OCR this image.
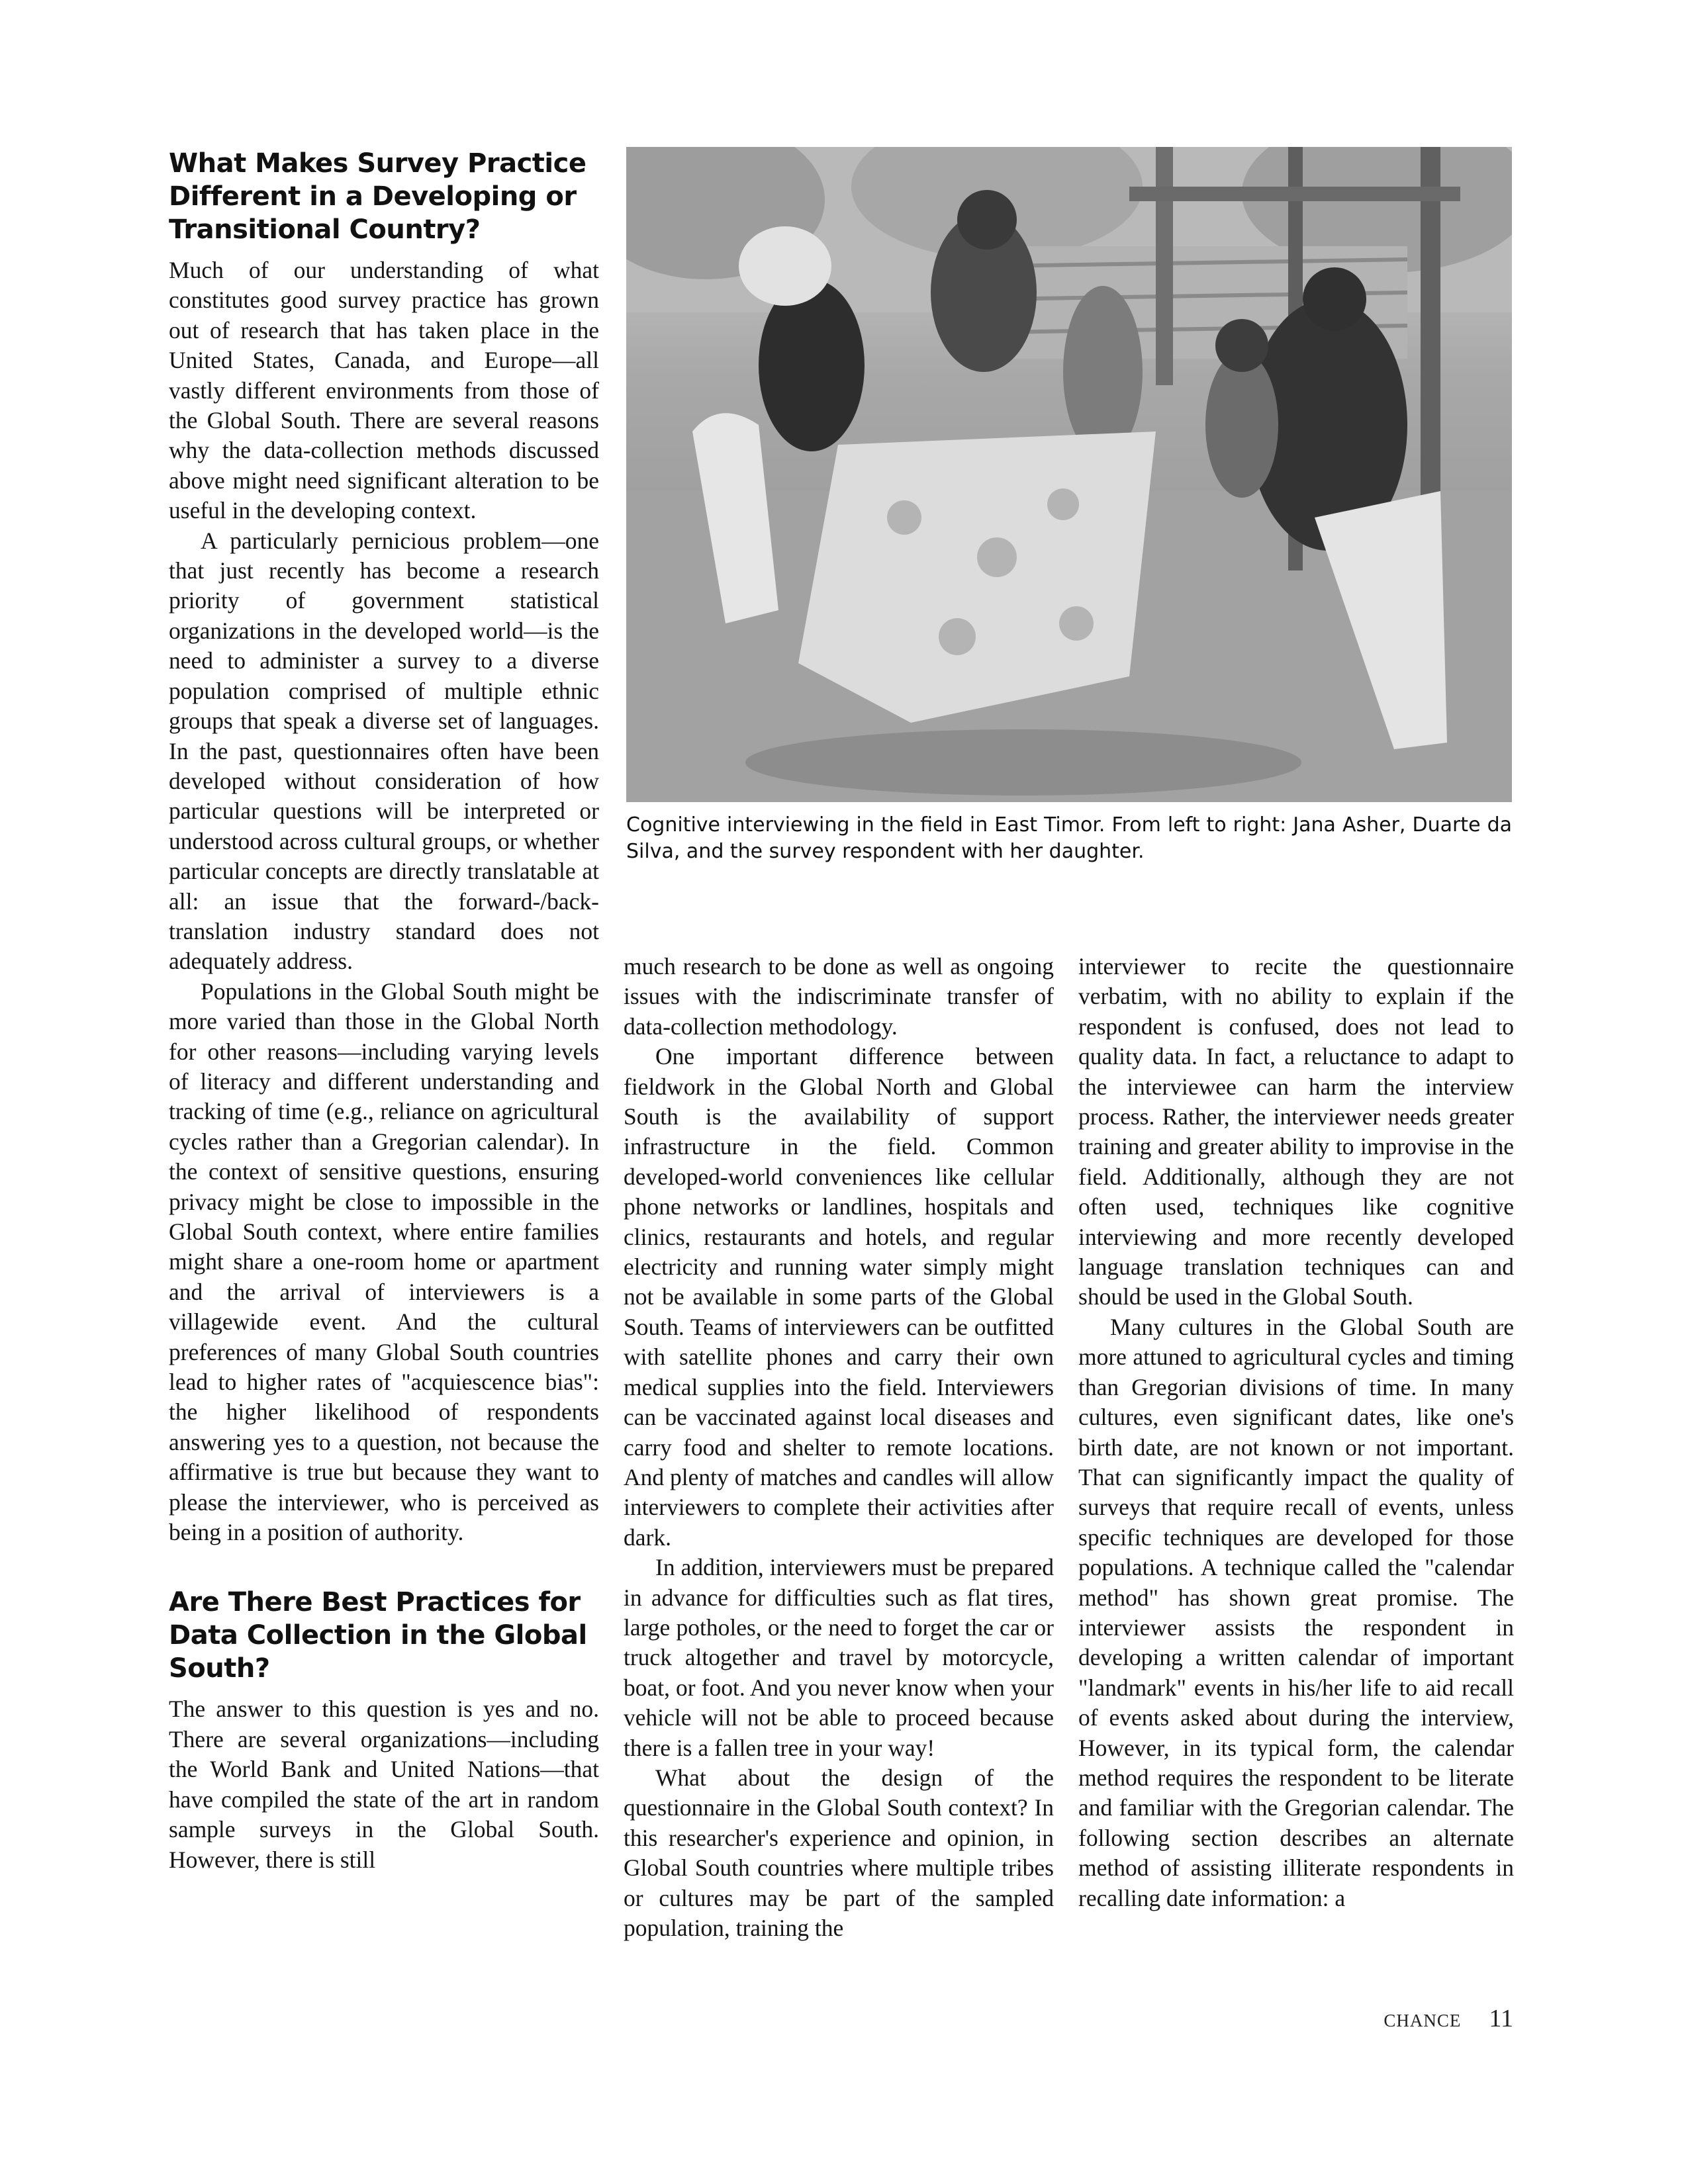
What Makes Survey Practice Different in a Developing or Transitional Country?

Much of our understanding of what constitutes good survey practice has grown out of research that has taken place in the United States, Canada, and Europe—all vastly different environments from those of the Global South. There are several reasons why the data-collection methods discussed above might need significant alteration to be useful in the developing context.

A particularly pernicious problem—one that just recently has become a research priority of government statistical organizations in the developed world—is the need to administer a survey to a diverse population comprised of multiple ethnic groups that speak a diverse set of languages. In the past, questionnaires often have been developed without consideration of how particular questions will be interpreted or understood across cultural groups, or whether particular concepts are directly translatable at all: an issue that the forward-/back-translation industry standard does not adequately address.

Populations in the Global South might be more varied than those in the Global North for other reasons—including varying levels of literacy and different understanding and tracking of time (e.g., reliance on agricultural cycles rather than a Gregorian calendar). In the context of sensitive questions, ensuring privacy might be close to impossible in the Global South context, where entire families might share a one-room home or apartment and the arrival of interviewers is a villagewide event. And the cultural preferences of many Global South countries lead to higher rates of "acquiescence bias": the higher likelihood of respondents answering yes to a question, not because the affirmative is true but because they want to please the interviewer, who is perceived as being in a position of authority.

Are There Best Practices for Data Collection in the Global South?

The answer to this question is yes and no. There are several organizations—including the World Bank and United Nations—that have compiled the state of the art in random sample surveys in the Global South. However, there is still

Cognitive interviewing in the field in East Timor. From left to right: Jana Asher, Duarte da Silva, and the survey respondent with her daughter.

much research to be done as well as ongoing issues with the indiscriminate transfer of data-collection methodology.

One important difference between fieldwork in the Global North and Global South is the availability of support infrastructure in the field. Common developed-world conveniences like cellular phone networks or landlines, hospitals and clinics, restaurants and hotels, and regular electricity and running water simply might not be available in some parts of the Global South. Teams of interviewers can be outfitted with satellite phones and carry their own medical supplies into the field. Interviewers can be vaccinated against local diseases and carry food and shelter to remote locations. And plenty of matches and candles will allow interviewers to complete their activities after dark.

In addition, interviewers must be prepared in advance for difficulties such as flat tires, large potholes, or the need to forget the car or truck altogether and travel by motorcycle, boat, or foot. And you never know when your vehicle will not be able to proceed because there is a fallen tree in your way!

What about the design of the questionnaire in the Global South context? In this researcher's experience and opinion, in Global South countries where multiple tribes or cultures may be part of the sampled population, training the

interviewer to recite the questionnaire verbatim, with no ability to explain if the respondent is confused, does not lead to quality data. In fact, a reluctance to adapt to the interviewee can harm the interview process. Rather, the interviewer needs greater training and greater ability to improvise in the field. Additionally, although they are not often used, techniques like cognitive interviewing and more recently developed language translation techniques can and should be used in the Global South.

Many cultures in the Global South are more attuned to agricultural cycles and timing than Gregorian divisions of time. In many cultures, even significant dates, like one's birth date, are not known or not important. That can significantly impact the quality of surveys that require recall of events, unless specific techniques are developed for those populations. A technique called the "calendar method" has shown great promise. The interviewer assists the respondent in developing a written calendar of important "landmark" events in his/her life to aid recall of events asked about during the interview, However, in its typical form, the calendar method requires the respondent to be literate and familiar with the Gregorian calendar. The following section describes an alternate method of assisting illiterate respondents in recalling date information: a

CHANCE 11
